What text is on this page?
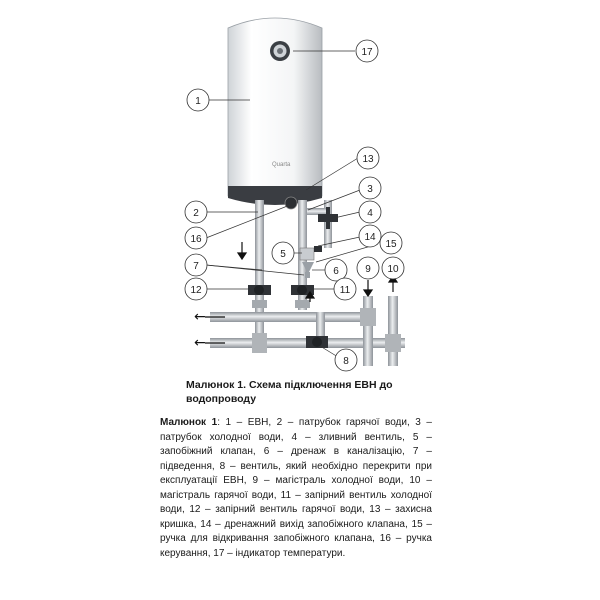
Quarta
←
←
1
17
13
3
2	4
16	14
15
5
7	6	9 10
12	11
8

Малюнок 1. Схема підключення ЕВН до водопроводу

Малюнок 1: 1 – ЕВН, 2 – патрубок гарячої води, 3 – патрубок холодної води, 4 – зливний вентиль, 5 – запобіжний клапан, 6 – дренаж в каналізацію, 7 – підведення, 8 – вентиль, який необхідно перекрити при експлуатації ЕВН, 9 – магістраль холодної води, 10 – магістраль гарячої води, 11 – запірний вентиль холодної води, 12 – запірний вентиль гарячої води, 13 – захисна кришка, 14 – дренажний вихід запобіжного клапана, 15 – ручка для відкривання запобіжного клапана, 16 – ручка керування, 17 – індикатор температури.
